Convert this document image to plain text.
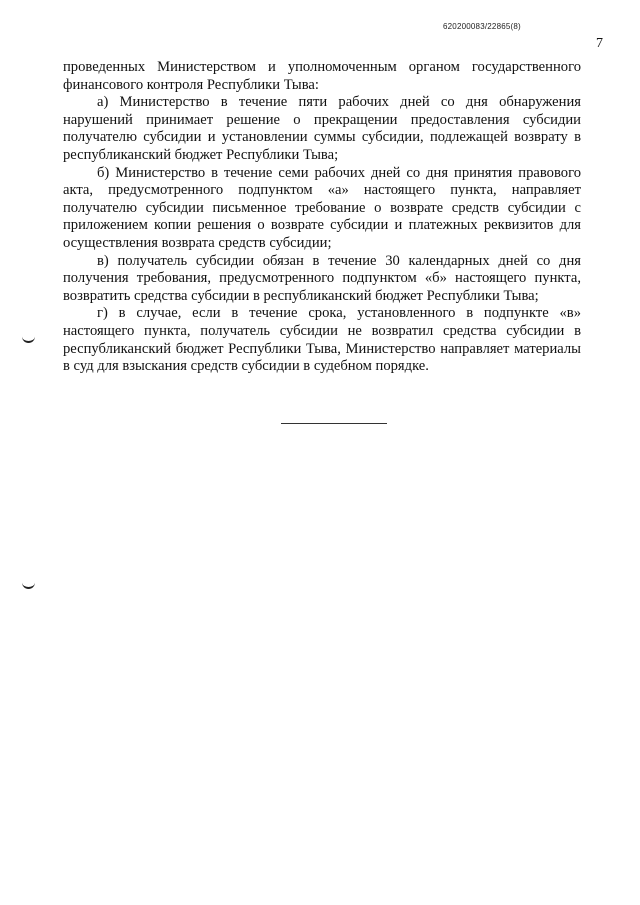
620200083/22865(8)
7

проведенных Министерством и уполномоченным органом государственного финансового контроля Республики Тыва:

а) Министерство в течение пяти рабочих дней со дня обнаружения нарушений принимает решение о прекращении предоставления субсидии получателю субсидии и установлении суммы субсидии, подлежащей возврату в республиканский бюджет Республики Тыва;

б) Министерство в течение семи рабочих дней со дня принятия правового акта, предусмотренного подпунктом «а» настоящего пункта, направляет получателю субсидии письменное требование о возврате средств субсидии с приложением копии решения о возврате субсидии и платежных реквизитов для осуществления возврата средств субсидии;

в) получатель субсидии обязан в течение 30 календарных дней со дня получения требования, предусмотренного подпунктом «б» настоящего пункта, возвратить средства субсидии в республиканский бюджет Республики Тыва;

г) в случае, если в течение срока, установленного в подпункте «в» настоящего пункта, получатель субсидии не возвратил средства субсидии в республиканский бюджет Республики Тыва, Министерство направляет материалы в суд для взыскания средств субсидии в судебном порядке.
